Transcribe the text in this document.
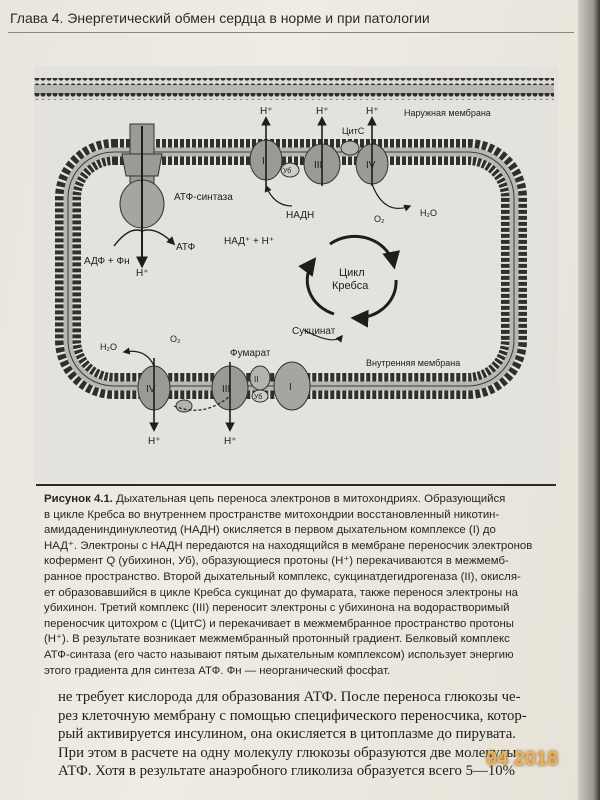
Глава 4. Энергетический обмен сердца в норме и при патологии
АТФ-синтаза
АДФ + Фн
АТФ
H⁺
I
Уб
III
ЦитС
IV
H⁺	H⁺	H⁺	Наружная мембрана
НАДН
НАД⁺ + H⁺
O₂
H₂O
Цикл Кребса
Сукцинат
Фумарат
Внутренняя мембрана
IV	III
II
Уб
I
H⁺	H⁺
H₂O
O₂
Рисунок 4.1. Дыхательная цепь переноса электронов в митохондриях. Образующийся
в цикле Кребса во внутреннем пространстве митохондрии восстановленный никотин-
амидадениндинуклеотид (НАДН) окисляется в первом дыхательном комплексе (I) до
НАД⁺. Электроны с НАДН передаются на находящийся в мембране переносчик электронов
кофермент Q (убихинон, Уб), образующиеся протоны (H⁺) перекачиваются в межмемб-
ранное пространство. Второй дыхательный комплекс, сукцинатдегидрогеназа (II), окисля-
ет образовавшийся в цикле Кребса сукцинат до фумарата, также перенося электроны на
убихинон. Третий комплекс (III) переносит электроны с убихинона на водорастворимый
переносчик цитохром с (ЦитС) и перекачивает в межмембранное пространство протоны
(H⁺). В результате возникает межмембранный протонный градиент. Белковый комплекс
АТФ-синтаза (его часто называют пятым дыхательным комплексом) использует энергию
этого градиента для синтеза АТФ. Фн — неорганический фосфат.
не требует кислорода для образования АТФ. После переноса глюкозы че-
рез клеточную мембрану с помощью специфического переносчика, котор-
рый активируется инсулином, она окисляется в цитоплазме до пирувата.
При этом в расчете на одну молекулу глюкозы образуются две молекулы
АТФ. Хотя в результате анаэробного гликолиза образуется всего 5—10%
04 2018
